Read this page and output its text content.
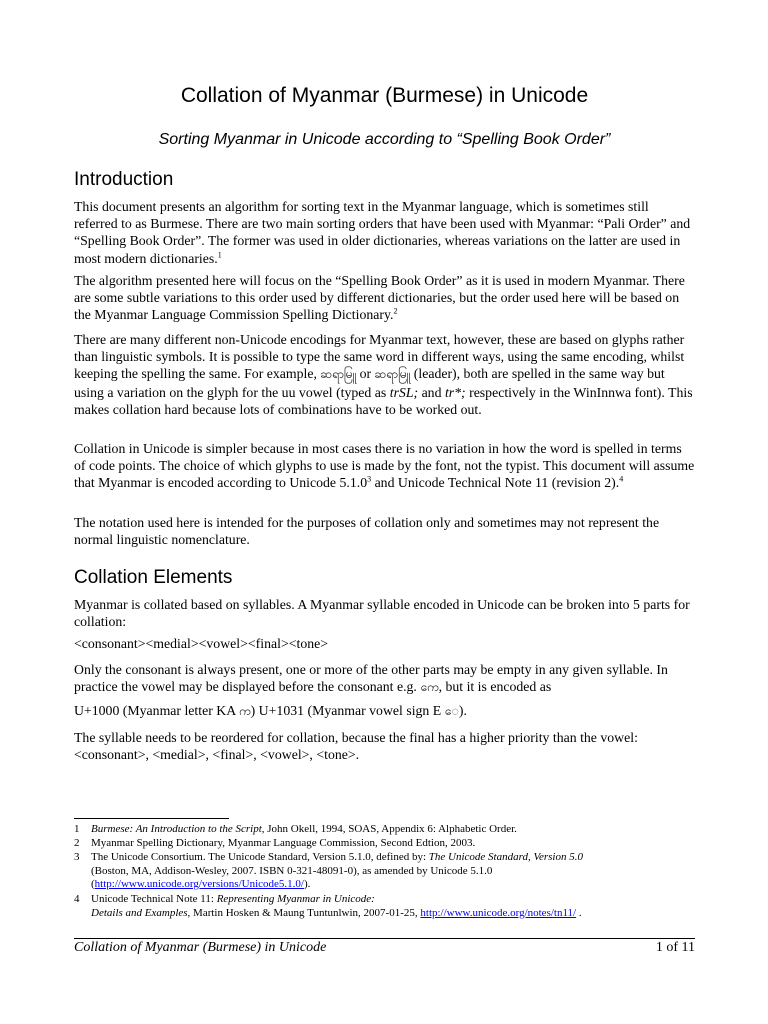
Collation of Myanmar (Burmese) in Unicode
Sorting Myanmar in Unicode according to “Spelling Book Order”
Introduction

This document presents an algorithm for sorting text in the Myanmar language, which is sometimes still referred to as Burmese. There are two main sorting orders that have been used with Myanmar: “Pali Order” and “Spelling Book Order”. The former was used in older dictionaries, whereas variations on the latter are used in most modern dictionaries.$^1$

The algorithm presented here will focus on the “Spelling Book Order” as it is used in modern Myanmar. There are some subtle variations to this order used by different dictionaries, but the order used here will be based on the Myanmar Language Commission Spelling Dictionary.$^2$

There are many different non-Unicode encodings for Myanmar text, however, these are based on glyphs rather than linguistic symbols. It is possible to type the same word in different ways, using the same encoding, whilst keeping the spelling the same. For example, ဆရာမြူ or ဆရာမြူ (leader), both are spelled in the same way but using a variation on the glyph for the uu vowel (typed as trSL; and tr*; respectively in the WinInnwa font). This makes collation hard because lots of combinations have to be worked out.

Collation in Unicode is simpler because in most cases there is no variation in how the word is spelled in terms of code points. The choice of which glyphs to use is made by the font, not the typist. This document will assume that Myanmar is encoded according to Unicode 5.1.0$^3$ and Unicode Technical Note 11 (revision 2).$^4$

The notation used here is intended for the purposes of collation only and sometimes may not represent the normal linguistic nomenclature.

Collation Elements

Myanmar is collated based on syllables. A Myanmar syllable encoded in Unicode can be broken into 5 parts for collation:

<consonant><medial><vowel><final><tone>

Only the consonant is always present, one or more of the other parts may be empty in any given syllable. In practice the vowel may be displayed before the consonant e.g. ကေ, but it is encoded as

U+1000 (Myanmar letter KA က) U+1031 (Myanmar vowel sign E ေ).

The syllable needs to be reordered for collation, because the final has a higher priority than the vowel:
<consonant>, <medial>, <final>, <vowel>, <tone>.

1 Burmese: An Introduction to the Script, John Okell, 1994, SOAS, Appendix 6: Alphabetic Order.
2 Myanmar Spelling Dictionary, Myanmar Language Commission, Second Edtion, 2003.
3 The Unicode Consortium. The Unicode Standard, Version 5.1.0, defined by: The Unicode Standard, Version 5.0
(Boston, MA, Addison-Wesley, 2007. ISBN 0-321-48091-0), as amended by Unicode 5.1.0
(http://www.unicode.org/versions/Unicode5.1.0/).
4 Unicode Technical Note 11: Representing Myanmar in Unicode:
Details and Examples, Martin Hosken & Maung Tuntunlwin, 2007-01-25, http://www.unicode.org/notes/tn11/ .
Collation of Myanmar (Burmese) in Unicode	1 of 11
